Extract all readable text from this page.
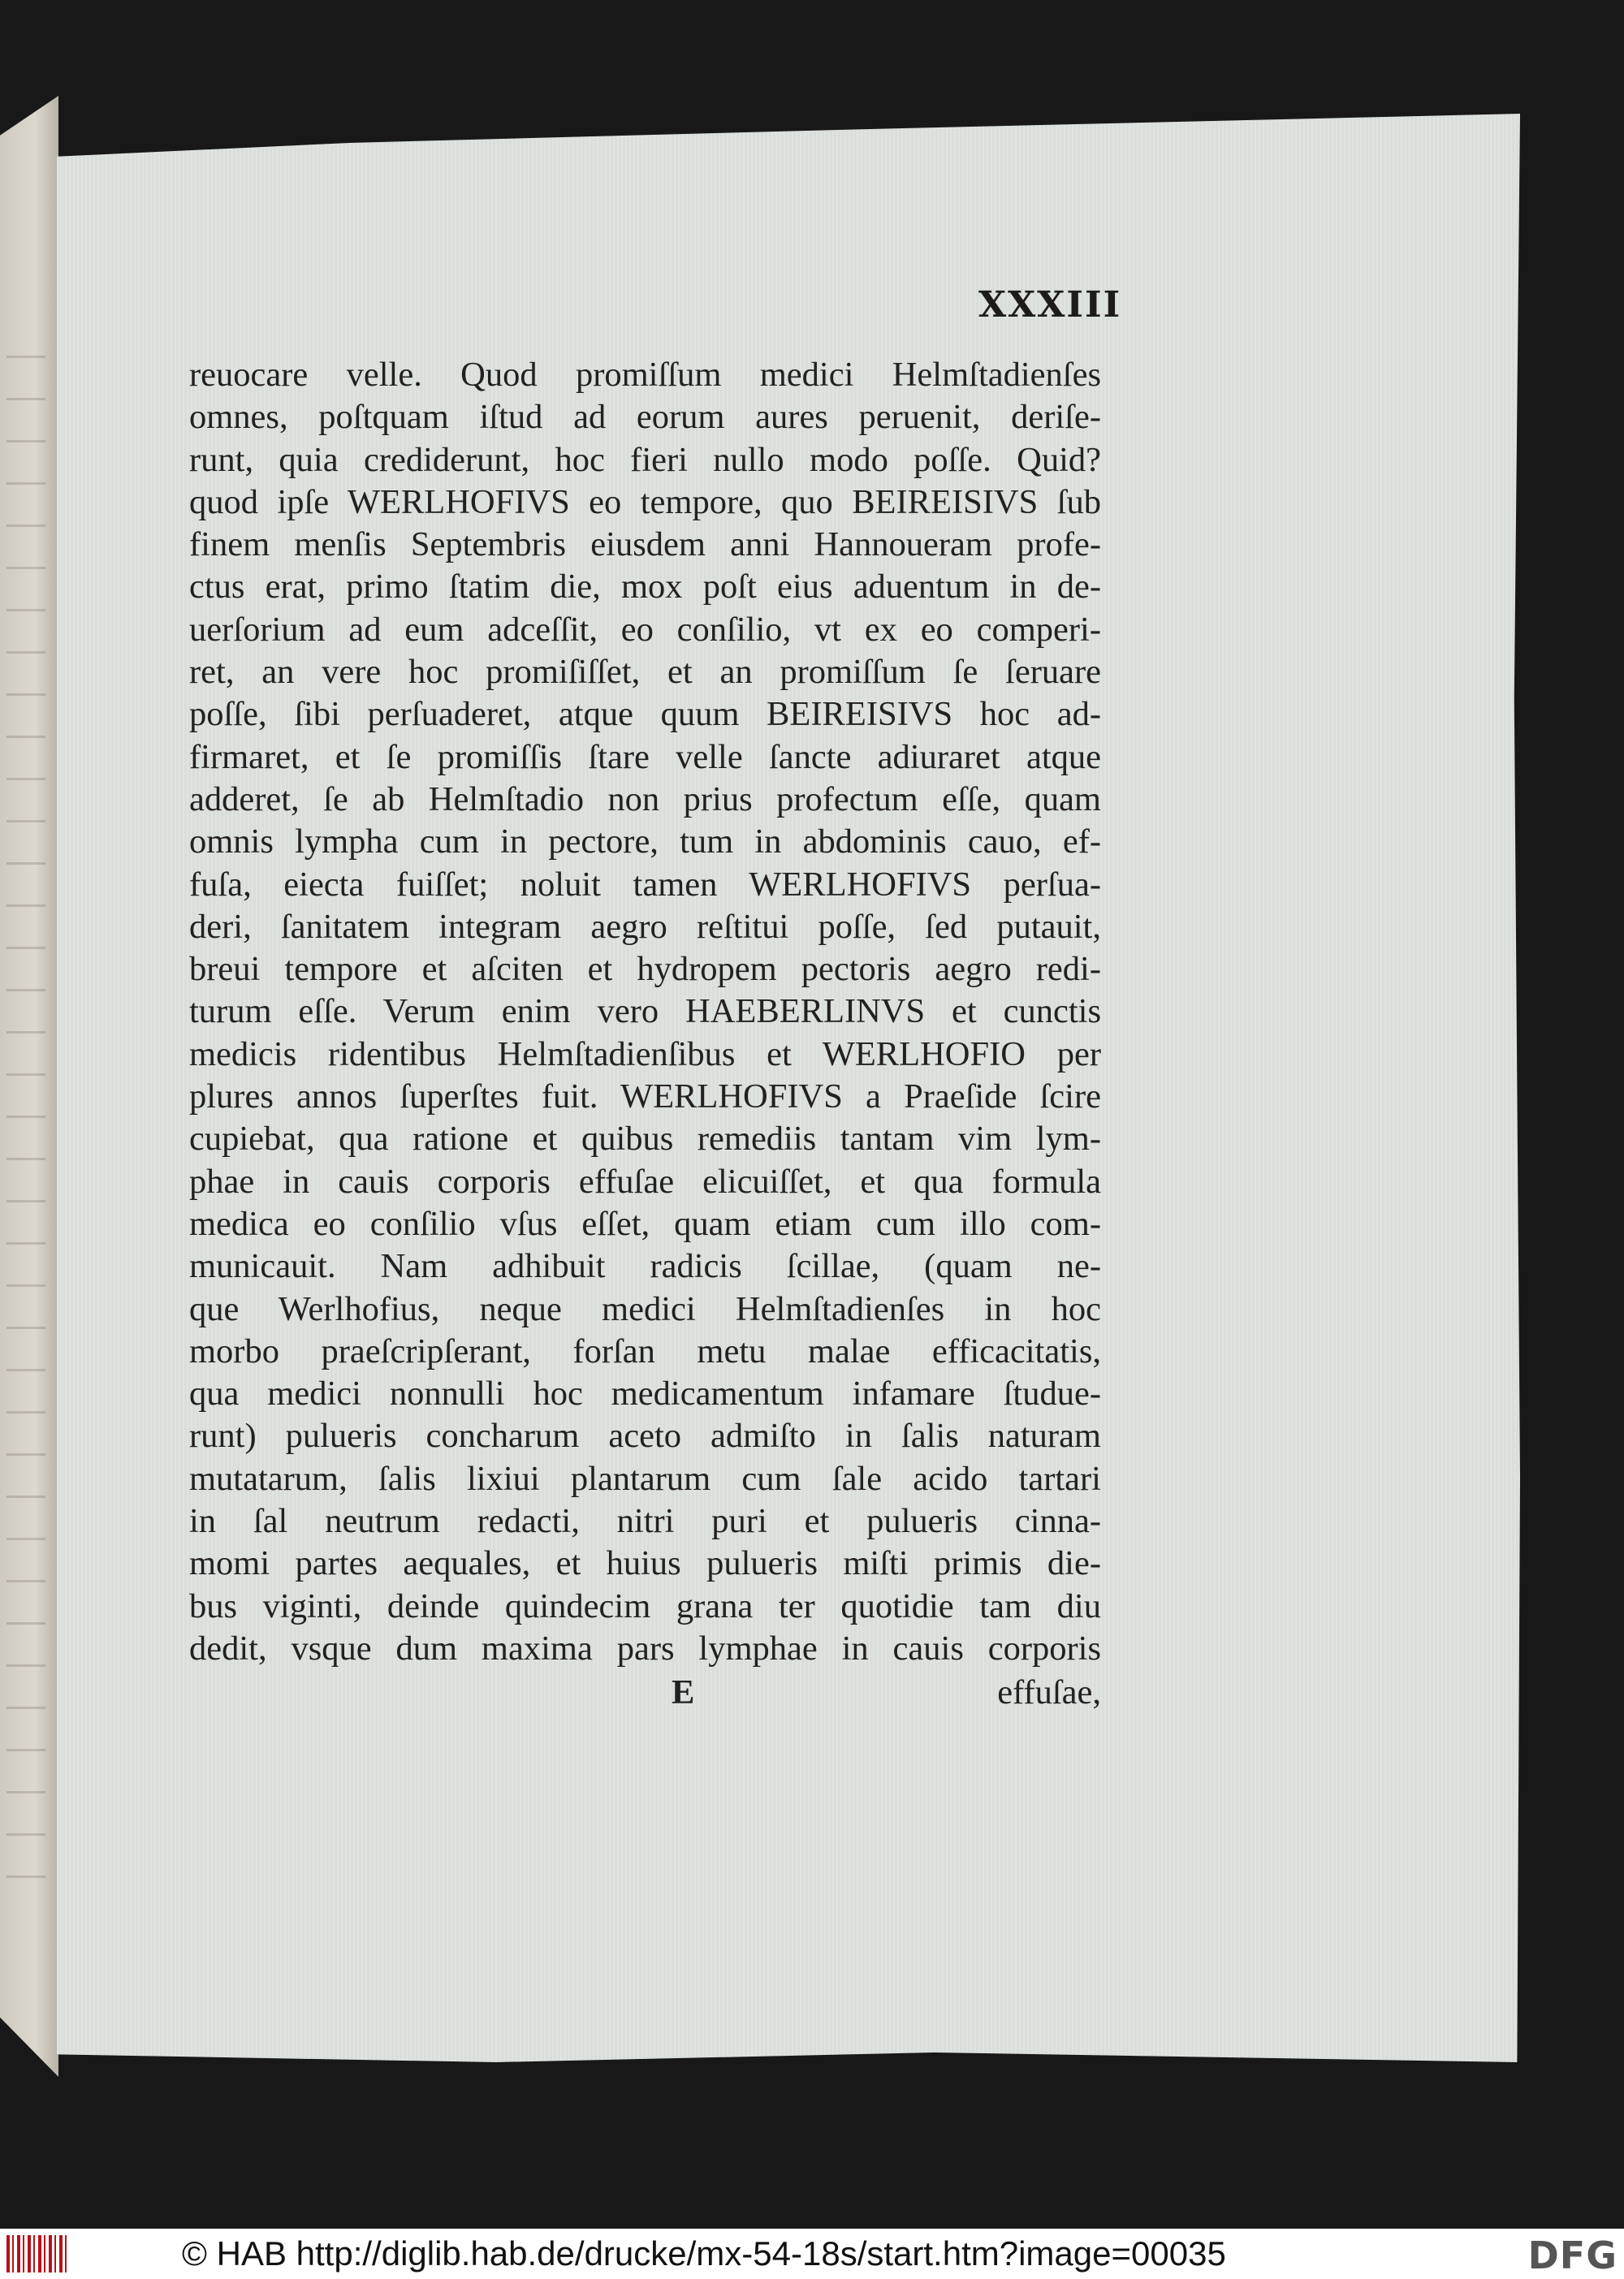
XXXIII
reuocare velle. Quod promiſſum medici Helmſtadienſes
omnes, poſtquam iſtud ad eorum aures peruenit, deriſe-
runt, quia crediderunt, hoc fieri nullo modo poſſe. Quid?
quod ipſe WERLHOFIVS eo tempore, quo BEIREISIVS ſub
finem menſis Septembris eiusdem anni Hannoueram profe-
ctus erat, primo ſtatim die, mox poſt eius aduentum in de-
uerſorium ad eum adceſſit, eo conſilio, vt ex eo comperi-
ret, an vere hoc promiſiſſet, et an promiſſum ſe ſeruare
poſſe, ſibi perſuaderet, atque quum BEIREISIVS hoc ad-
firmaret, et ſe promiſſis ſtare velle ſancte adiuraret atque
adderet, ſe ab Helmſtadio non prius profectum eſſe, quam
omnis lympha cum in pectore, tum in abdominis cauo, ef-
fuſa, eiecta fuiſſet; noluit tamen WERLHOFIVS perſua-
deri, ſanitatem integram aegro reſtitui poſſe, ſed putauit,
breui tempore et aſciten et hydropem pectoris aegro redi-
turum eſſe. Verum enim vero HAEBERLINVS et cunctis
medicis ridentibus Helmſtadienſibus et WERLHOFIO per
plures annos ſuperſtes fuit. WERLHOFIVS a Praeſide ſcire
cupiebat, qua ratione et quibus remediis tantam vim lym-
phae in cauis corporis effuſae elicuiſſet, et qua formula
medica eo conſilio vſus eſſet, quam etiam cum illo com-
municauit. Nam adhibuit radicis ſcillae, (quam ne-
que Werlhofius, neque medici Helmſtadienſes in hoc
morbo praeſcripſerant, forſan metu malae efficacitatis,
qua medici nonnulli hoc medicamentum infamare ſtudue-
runt) pulueris concharum aceto admiſto in ſalis naturam
mutatarum, ſalis lixiui plantarum cum ſale acido tartari
in ſal neutrum redacti, nitri puri et pulueris cinna-
momi partes aequales, et huius pulueris miſti primis die-
bus viginti, deinde quindecim grana ter quotidie tam diu
dedit, vsque dum maxima pars lymphae in cauis corporis
E	effuſae,
© HAB http://diglib.hab.de/drucke/mx-54-18s/start.htm?image=00035	DFG
